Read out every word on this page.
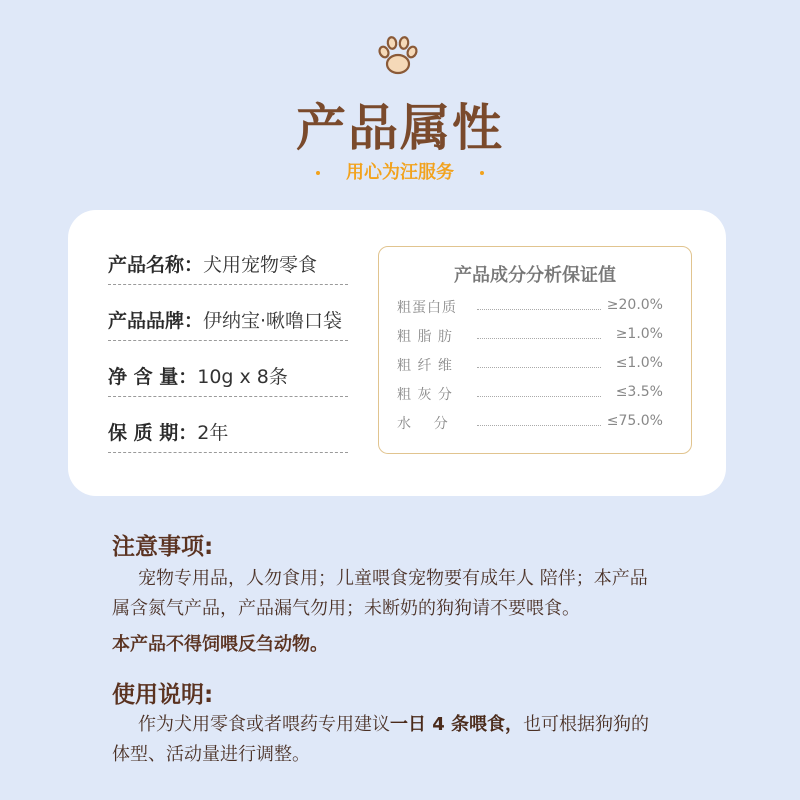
产品属性
用心为汪服务
产品名称：犬用宠物零食
产品品牌：伊纳宝·啾噜口袋
净 含 量：10g x 8条
保 质 期：2年
产品成分分析保证值
粗蛋白质	≥20.0%
粗 脂 肪	≥1.0%
粗 纤 维	≤1.0%
粗 灰 分	≤3.5%
水    分	≤75.0%
注意事项:
宠物专用品，人勿食用；儿童喂食宠物要有成年人 陪伴；本产品
属含氮气产品，产品漏气勿用；未断奶的狗狗请不要喂食。
本产品不得饲喂反刍动物。
使用说明:
作为犬用零食或者喂药专用建议一日 4 条喂食，也可根据狗狗的
体型、活动量进行调整。
